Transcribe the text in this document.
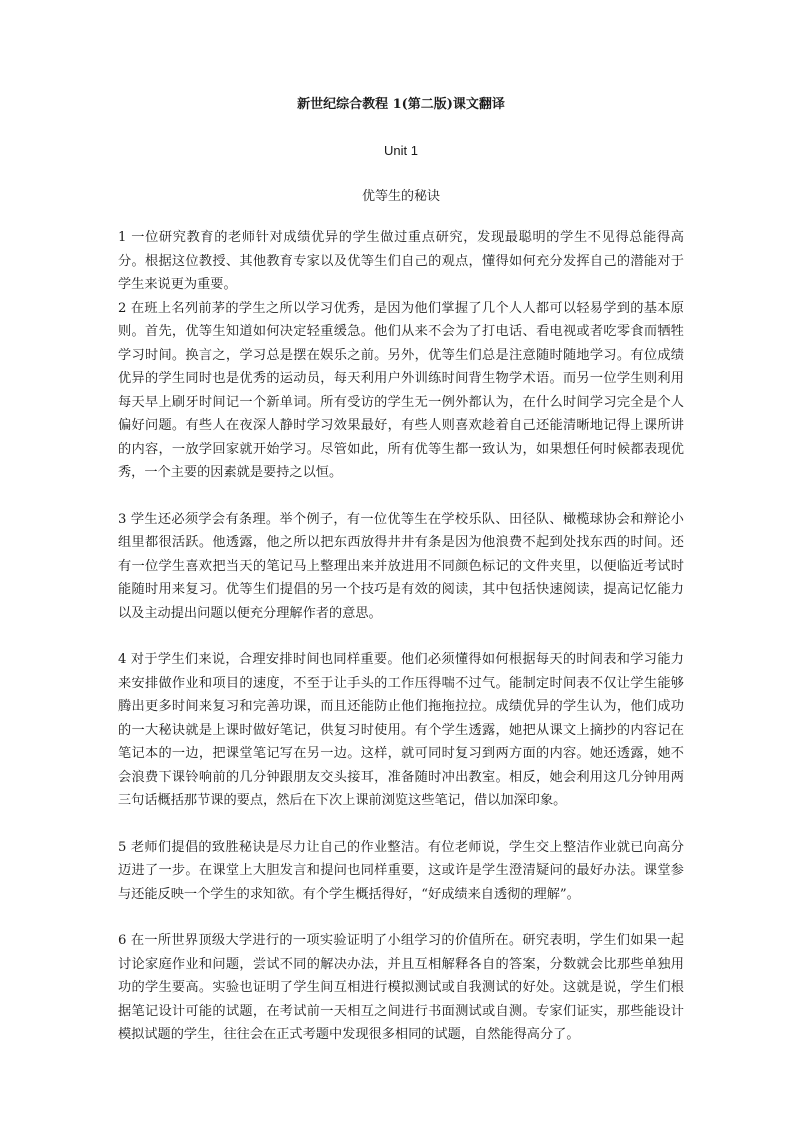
新世纪综合教程 1(第二版)课文翻译

Unit 1

优等生的秘诀

1 一位研究教育的老师针对成绩优异的学生做过重点研究，发现最聪明的学生不见得总能得高分。根据这位教授、其他教育专家以及优等生们自己的观点，懂得如何充分发挥自己的潜能对于学生来说更为重要。

2 在班上名列前茅的学生之所以学习优秀，是因为他们掌握了几个人人都可以轻易学到的基本原则。首先，优等生知道如何决定轻重缓急。他们从来不会为了打电话、看电视或者吃零食而牺牲学习时间。换言之，学习总是摆在娱乐之前。另外，优等生们总是注意随时随地学习。有位成绩优异的学生同时也是优秀的运动员，每天利用户外训练时间背生物学术语。而另一位学生则利用每天早上刷牙时间记一个新单词。所有受访的学生无一例外都认为，在什么时间学习完全是个人偏好问题。有些人在夜深人静时学习效果最好，有些人则喜欢趁着自己还能清晰地记得上课所讲的内容，一放学回家就开始学习。尽管如此，所有优等生都一致认为，如果想任何时候都表现优秀，一个主要的因素就是要持之以恒。

3 学生还必须学会有条理。举个例子，有一位优等生在学校乐队、田径队、橄榄球协会和辩论小组里都很活跃。他透露，他之所以把东西放得井井有条是因为他浪费不起到处找东西的时间。还有一位学生喜欢把当天的笔记马上整理出来并放进用不同颜色标记的文件夹里，以便临近考试时能随时用来复习。优等生们提倡的另一个技巧是有效的阅读，其中包括快速阅读，提高记忆能力以及主动提出问题以便充分理解作者的意思。

4 对于学生们来说，合理安排时间也同样重要。他们必须懂得如何根据每天的时间表和学习能力来安排做作业和项目的速度，不至于让手头的工作压得喘不过气。能制定时间表不仅让学生能够腾出更多时间来复习和完善功课，而且还能防止他们拖拖拉拉。成绩优异的学生认为，他们成功的一大秘诀就是上课时做好笔记，供复习时使用。有个学生透露，她把从课文上摘抄的内容记在笔记本的一边，把课堂笔记写在另一边。这样，就可同时复习到两方面的内容。她还透露，她不会浪费下课铃响前的几分钟跟朋友交头接耳，准备随时冲出教室。相反，她会利用这几分钟用两三句话概括那节课的要点，然后在下次上课前浏览这些笔记，借以加深印象。

5 老师们提倡的致胜秘诀是尽力让自己的作业整洁。有位老师说，学生交上整洁作业就已向高分迈进了一步。在课堂上大胆发言和提问也同样重要，这或许是学生澄清疑问的最好办法。课堂参与还能反映一个学生的求知欲。有个学生概括得好，“好成绩来自透彻的理解”。

6 在一所世界顶级大学进行的一项实验证明了小组学习的价值所在。研究表明，学生们如果一起讨论家庭作业和问题，尝试不同的解决办法，并且互相解释各自的答案，分数就会比那些单独用功的学生要高。实验也证明了学生间互相进行模拟测试或自我测试的好处。这就是说，学生们根据笔记设计可能的试题，在考试前一天相互之间进行书面测试或自测。专家们证实，那些能设计模拟试题的学生，往往会在正式考题中发现很多相同的试题，自然能得高分了。
